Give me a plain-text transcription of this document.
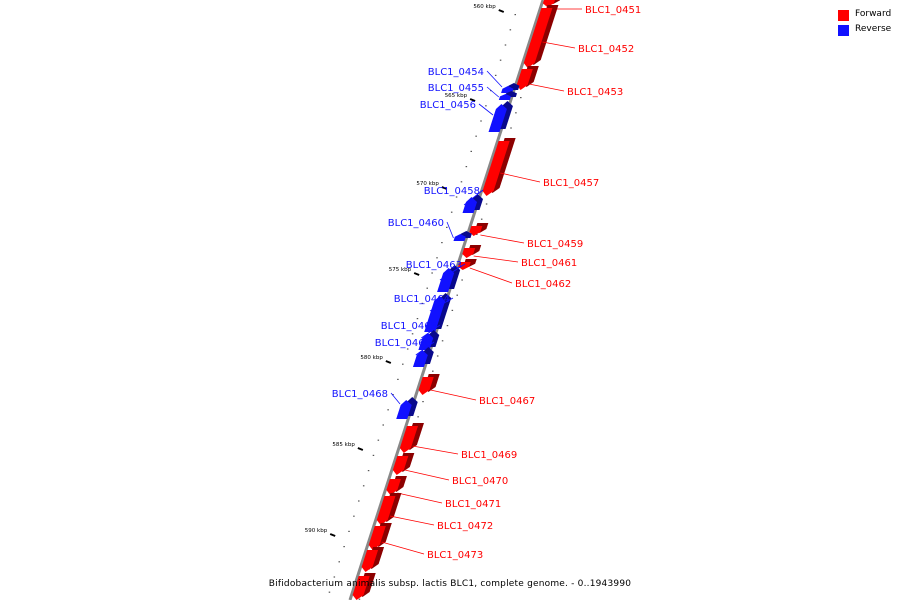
560 kbp
565 kbp
570 kbp
575 kbp
580 kbp
585 kbp
590 kbp
BLC1_0451
BLC1_0452
BLC1_0453
BLC1_0454
BLC1_0455
BLC1_0456
BLC1_0457
BLC1_0458
BLC1_0459
BLC1_0460
BLC1_0461
BLC1_0462
BLC1_0463
BLC1_0464
BLC1_0465
BLC1_0466
BLC1_0467
BLC1_0468
BLC1_0469
BLC1_0470
BLC1_0471
BLC1_0472
BLC1_0473
Forward
Reverse
Bifidobacterium animalis subsp. lactis BLC1, complete genome. - 0..1943990
